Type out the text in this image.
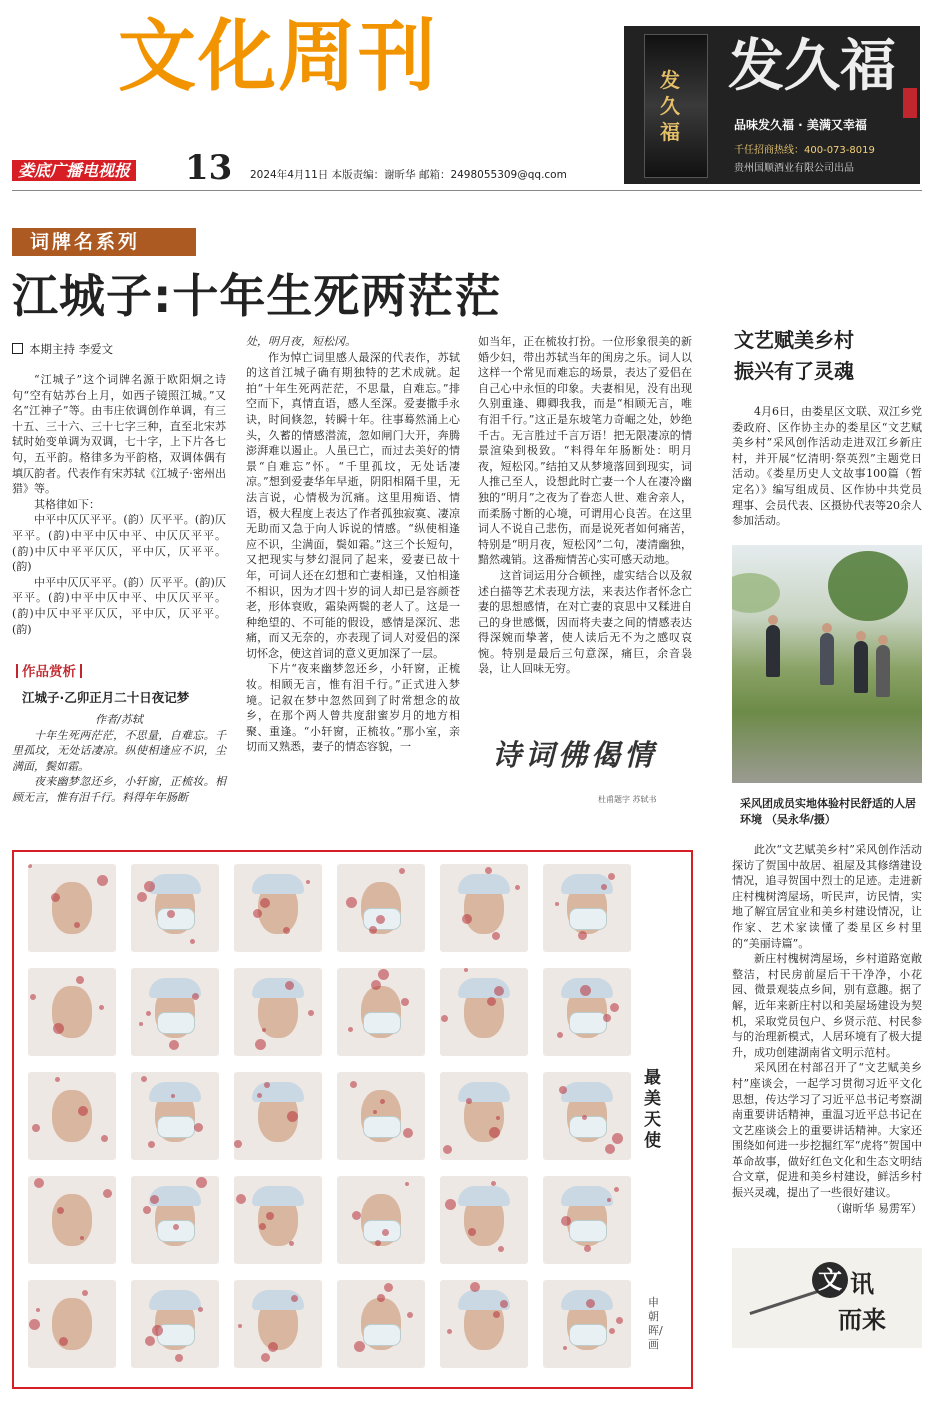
文化周刊	发久福
发久福
品味发久福 · 美满又幸福
千任招商热线：400-073-8019
贵州国顺酒业有限公司出品
娄底广播电视报 13 2024年4月11日 本版责编：谢昕华 邮箱：2498055309@qq.com
词牌名系列
江城子:十年生死两茫茫
本期主持 李爱文

“江城子”这个词牌名源于欧阳炯之诗句“空有姑苏台上月，如西子镜照江城。”又名“江神子”等。由韦庄依调创作单调，有三十五、三十六、三十七字三种，直至北宋苏轼时始变单调为双调，七十字，上下片各七句，五平韵。格律多为平韵格，双调体偶有填仄韵者。代表作有宋苏轼《江城子·密州出猎》等。

其格律如下：

中平中仄仄平平。(韵）仄平平。(韵)仄平平。(韵)中平中仄中平、中仄仄平平。(韵)中仄中平平仄仄，平中仄，仄平平。(韵)

中平中仄仄平平。(韵）仄平平。(韵)仄平平。(韵)中平中仄中平、中仄仄平平。(韵)中仄中平平仄仄，平中仄，仄平平。(韵)

作品赏析
江城子·乙卯正月二十日夜记梦

作者/苏轼

十年生死两茫茫，不思量，自难忘。千里孤坟，无处话凄凉。纵使相逢应不识，尘满面，鬓如霜。

夜来幽梦忽还乡，小轩窗，正梳妆。相顾无言，惟有泪千行。料得年年肠断

处，明月夜，短松冈。

作为悼亡词里感人最深的代表作，苏轼的这首江城子确有期独特的艺术成就。起拍“十年生死两茫茫，不思量，自难忘。”排空而下，真情直语，感人至深。爱妻撒手永诀，时间倏忽，转瞬十年。往事蓦然涌上心头，久蓄的情感潜流，忽如闸门大开，奔腾澎湃难以遏止。人虽已亡，而过去美好的情景“自难忘”怀。“千里孤坟，无处话凄凉。”想到爱妻华年早逝，阴阳相隔千里，无法言说，心情极为沉痛。这里用痴语、情语，极大程度上表达了作者孤独寂寞、凄凉无助而又急于向人诉说的情感。“纵使相逢应不识，尘满面，鬓如霜。”这三个长短句，又把现实与梦幻混同了起来，爱妻已故十年，可词人还在幻想和亡妻相逢，又怕相逢不相识，因为才四十岁的词人却已是容颜苍老，形体衰败，霜染两鬓的老人了。这是一种绝望的、不可能的假设，感情是深沉、悲痛，而又无奈的，亦表现了词人对爱侣的深切怀念，使这首词的意义更加深了一层。

下片“夜来幽梦忽还乡，小轩窗，正梳妆。相顾无言，惟有泪千行。”正式进入梦境。记叙在梦中忽然回到了时常想念的故乡，在那个两人曾共度甜蜜岁月的地方相聚、重逢。“小轩窗，正梳妆。”那小室，亲切而又熟悉，妻子的情态容貌，一

如当年，正在梳妆打扮。一位形象很美的新婚少妇，带出苏轼当年的闺房之乐。词人以这样一个常见而难忘的场景，表达了爱侣在自己心中永恒的印象。夫妻相见，没有出现久别重逢、卿卿我我，而是“相顾无言，唯有泪千行。”这正是东坡笔力奇崛之处，妙绝千古。无言胜过千言万语！把无限凄凉的情景渲染到极致。“料得年年肠断处：明月夜，短松冈。”结拍又从梦境落回到现实，词人推己至人，设想此时亡妻一个人在凄冷幽独的“明月”之夜为了眷恋人世、难舍亲人，而柔肠寸断的心境，可谓用心良苦。在这里词人不说自己悲伤，而是说死者如何痛苦，特别是“明月夜，短松冈”二句，凄清幽独，黯然魂销。这番痴情苦心实可感天动地。

这首词运用分合顿挫，虚实结合以及叙述白描等艺术表现方法，来表达作者怀念亡妻的思想感情，在对亡妻的哀思中又糅进自己的身世感慨，因而将夫妻之间的情感表达得深婉而挚著，使人读后无不为之感叹哀惋。特别是最后三句意深，痛巨，余音袅袅，让人回味无穷。

诗词佛偈情
杜甫题字 苏轼书
最美天使
申朝晖/画
文艺赋美乡村
振兴有了灵魂

4月6日，由娄星区文联、双江乡党委政府、区作协主办的娄星区“文艺赋美乡村”采风创作活动走进双江乡新庄村，并开展“忆清明·祭英烈”主题党日活动。《娄星历史人文故事100篇（暂定名）》编写组成员、区作协中共党员理事、会员代表、区摄协代表等20余人参加活动。

采风团成员实地体验村民舒适的人居环境 （吴永华/摄）

此次“文艺赋美乡村”采风创作活动探访了贺国中故居、祖屋及其修缮建设情况，追寻贺国中烈士的足迹。走进新庄村槐树湾屋场，听民声，访民情，实地了解宜居宜业和美乡村建设情况，让作家、艺术家读懂了娄星区乡村里的“美丽诗篇”。

新庄村槐树湾屋场，乡村道路宽敞整洁，村民房前屋后干干净净，小花园、微景观装点乡间，别有意趣。据了解，近年来新庄村以和美屋场建设为契机，采取党员包户、乡贤示范、村民参与的治理新模式，人居环境有了极大提升，成功创建湖南省文明示范村。

采风团在村部召开了“文艺赋美乡村”座谈会，一起学习贯彻习近平文化思想，传达学习了习近平总书记考察湖南重要讲话精神，重温习近平总书记在文艺座谈会上的重要讲话精神。大家还围绕如何进一步挖掘红军“虎将”贺国中革命故事，做好红色文化和生态文明结合文章，促进和美乡村建设，鲜活乡村振兴灵魂，提出了一些很好建议。

（谢昕华 易雳军）

文 讯
而来
